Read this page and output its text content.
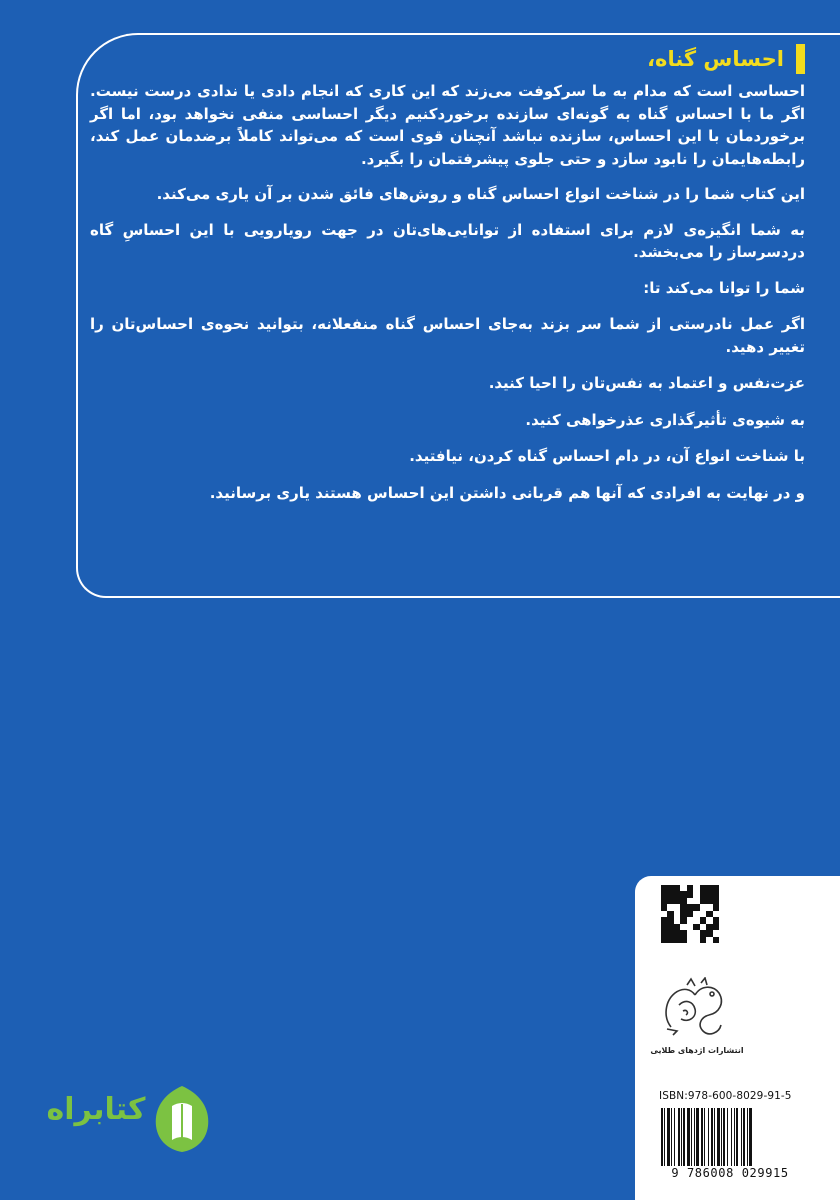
احساس گناه،

احساسی است که مدام به ما سرکوفت می‌زند که این کاری که انجام دادی یا ندادی درست نیست. اگر ما با احساس گناه به گونه‌ای سازنده برخوردکنیم دیگر احساسی منفی نخواهد بود، اما اگر برخوردمان با این احساس، سازنده نباشد آنچنان قوی است که می‌تواند کاملاً برضدمان عمل کند، رابطه‌هایمان را نابود سازد و حتی جلوی پیشرفتمان را بگیرد.

این کتاب شما را در شناخت انواع احساس گناه و روش‌های فائق شدن بر آن یاری می‌کند.

به شما انگیزه‌ی لازم برای استفاده از توانایی‌های‌تان در جهت رویارویی با این احساسِ گاه دردسرساز را می‌بخشد.

شما را توانا می‌کند تا:

اگر عمل نادرستی از شما سر بزند به‌جای احساس گناه منفعلانه، بتوانید نحوه‌ی احساس‌تان را تغییر دهید.

عزت‌نفس و اعتماد به نفس‌تان را احیا کنید.

به شیوه‌ی تأثیرگذاری عذرخواهی کنید.

با شناخت انواع آن، در دام احساس گناه کردن، نیافتید.

و در نهایت به افرادی که آنها هم قربانی داشتن این احساس هستند یاری برسانید.

انتشارات اژدهای طلایی
ISBN:978-600-8029-91-5
9 786008 029915
کتابراه
